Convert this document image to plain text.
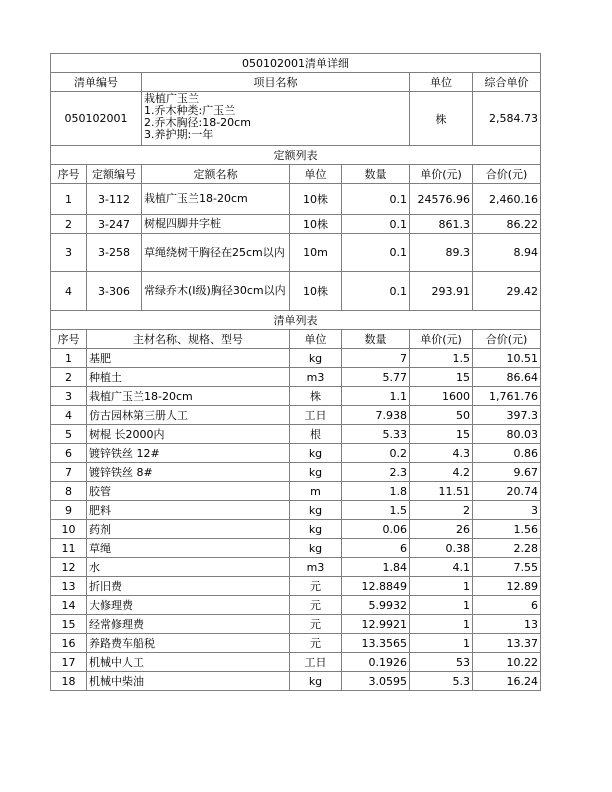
050102001清单详细						
清单编号		项目名称			单位	综合单价
050102001		栽植广玉兰
1.乔木种类:广玉兰
2.乔木胸径:18-20cm
3.养护期:一年			株	2,584.73
定额列表						
序号	定额编号	定额名称	单位	数量	单价(元)	合价(元)
1	3-112	栽植广玉兰18-20cm	10株	0.1	24576.96	2,460.16
2	3-247	树棍四脚井字桩	10株	0.1	861.3	86.22
3	3-258	草绳绕树干胸径在25cm以内	10m	0.1	89.3	8.94
4	3-306	常绿乔木(Ⅰ级)胸径30cm以内	10株	0.1	293.91	29.42
清单列表						
序号	主材名称、规格、型号		单位	数量	单价(元)	合价(元)
1	基肥		kg	7	1.5	10.51
2	种植土		m3	5.77	15	86.64
3	栽植广玉兰18-20cm		株	1.1	1600	1,761.76
4	仿古园林第三册人工		工日	7.938	50	397.3
5	树棍 长2000内		根	5.33	15	80.03
6	镀锌铁丝 12#		kg	0.2	4.3	0.86
7	镀锌铁丝 8#		kg	2.3	4.2	9.67
8	胶管		m	1.8	11.51	20.74
9	肥料		kg	1.5	2	3
10	药剂		kg	0.06	26	1.56
11	草绳		kg	6	0.38	2.28
12	水		m3	1.84	4.1	7.55
13	折旧费		元	12.8849	1	12.89
14	大修理费		元	5.9932	1	6
15	经常修理费		元	12.9921	1	13
16	养路费车船税		元	13.3565	1	13.37
17	机械中人工		工日	0.1926	53	10.22
18	机械中柴油		kg	3.0595	5.3	16.24
